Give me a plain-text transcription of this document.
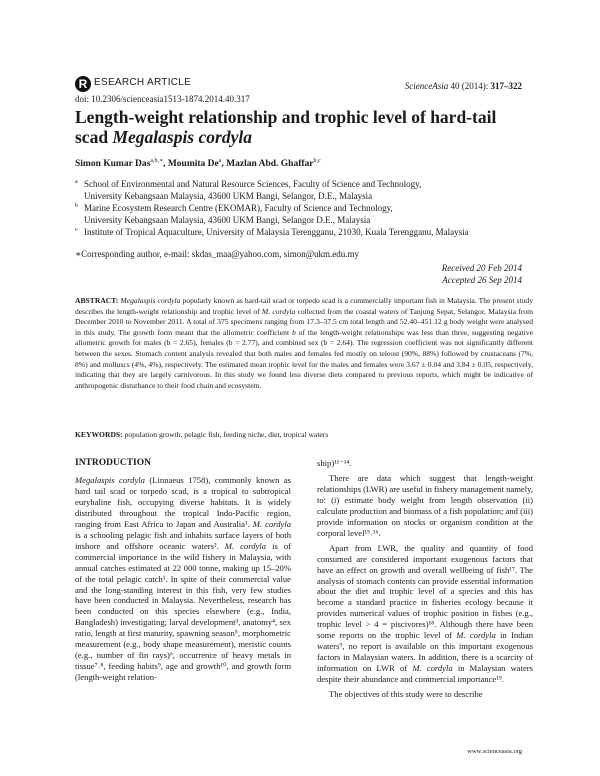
R ESEARCH ARTICLE	ScienceAsia 40 (2014): 317–322
doi: 10.2306/scienceasia1513-1874.2014.40.317
Length-weight relationship and trophic level of hard-tail
scad Megalaspis cordyla
Simon Kumar Das$^{a,b,∗}$, Moumita De$^a$, Mazlan Abd. Ghaffar$^{b,c}$
a School of Environmental and Natural Resource Sciences, Faculty of Science and Technology,
University Kebangsaan Malaysia, 43600 UKM Bangi, Selangor, D.E., Malaysia
b Marine Ecosystem Research Centre (EKOMAR), Faculty of Science and Technology,
University Kebangsaan Malaysia, 43600 UKM Bangi, Selangor D.E., Malaysia
c Institute of Tropical Aquaculture, University of Malaysia Terengganu, 21030, Kuala Terengganu, Malaysia
∗Corresponding author, e-mail: skdas_maa@yahoo.com, simon@ukm.edu.my
Received 20 Feb 2014
Accepted 26 Sep 2014
ABSTRACT: Megalaspis cordyla popularly known as hard-tail scad or torpedo scad is a commercially important fish in Malaysia. The present study describes the length-weight relationship and trophic level of M. cordyla collected from the coastal waters of Tanjung Sepat, Selangor, Malaysia from December 2010 to November 2011. A total of 375 specimens ranging from 17.3–37.5 cm total length and 52.40–451.12 g body weight were analysed in this study. The growth form meant that the allometric coefficient b of the length-weight relationships was less than three, suggesting negative allometric growth for males (b = 2.65), females (b = 2.77), and combined sex (b = 2.64). The regression coefficient was not significantly different between the sexes. Stomach content analysis revealed that both males and females fed mostly on teleost (90%, 88%) followed by crustaceans (7%, 8%) and molluscs (4%, 4%), respectively. The estimated mean trophic level for the males and females were 3.67 ± 0.04 and 3.84 ± 0.05, respectively, indicating that they are largely carnivorous. In this study we found less diverse diets compared to previous reports, which might be indicative of anthropogenic disturbance to their food chain and ecosystem.
KEYWORDS: population growth, pelagic fish, feeding niche, diet, tropical waters
INTRODUCTION

Megalaspis cordyla (Linnaeus 1758), commonly known as hard tail scad or torpedo scad, is a tropical to subtropical euryhaline fish, occupying diverse habitats. It is widely distributed throughout the tropical Indo-Pacific region, ranging from East Africa to Japan and Australia¹. M. cordyla is a schooling pelagic fish and inhabits surface layers of both inshore and offshore oceanic waters². M. cordyla is of commercial importance in the wild fishery in Malaysia, with annual catches estimated at 22 000 tonne, making up 15–20% of the total pelagic catch¹. In spite of their commercial value and the long-standing interest in this fish, very few studies have been conducted in Malaysia. Nevertheless, research has been conducted on this species elsewhere (e.g., India, Bangladesh) investigating; larval development³, anatomy⁴, sex ratio, length at first maturity, spawning season⁵, morphometric measurement (e.g., body shape measurement), meristic counts (e.g., number of fin rays)⁶, occurrence of heavy metals in tissue⁷˒⁸, feeding habits⁹, age and growth¹⁰, and growth form (length-weight relation-

ship)¹¹⁻¹⁴.

There are data which suggest that length-weight relationships (LWR) are useful in fishery management namely, to: (i) estimate body weight from length observation (ii) calculate production and biomass of a fish population; and (iii) provide information on stocks or organism condition at the corporal level¹⁵˒¹⁶.

Apart from LWR, the quality and quantity of food consumed are considered important exogenous factors that have an effect on growth and overall wellbeing of fish¹⁷. The analysis of stomach contents can provide essential information about the diet and trophic level of a species and this has become a standard practice in fisheries ecology because it provides numerical values of trophic position in fishes (e.g., trophic level > 4 = piscivores)¹⁸. Although there have been some reports on the trophic level of M. cordyla in Indian waters⁹, no report is available on this important exogenous factors in Malaysian waters. In addition, there is a scarcity of information on LWR of M. cordyla in Malaysian waters despite their abundance and commercial importance¹⁹.

The objectives of this study were to describe

www.scienceasia.org
